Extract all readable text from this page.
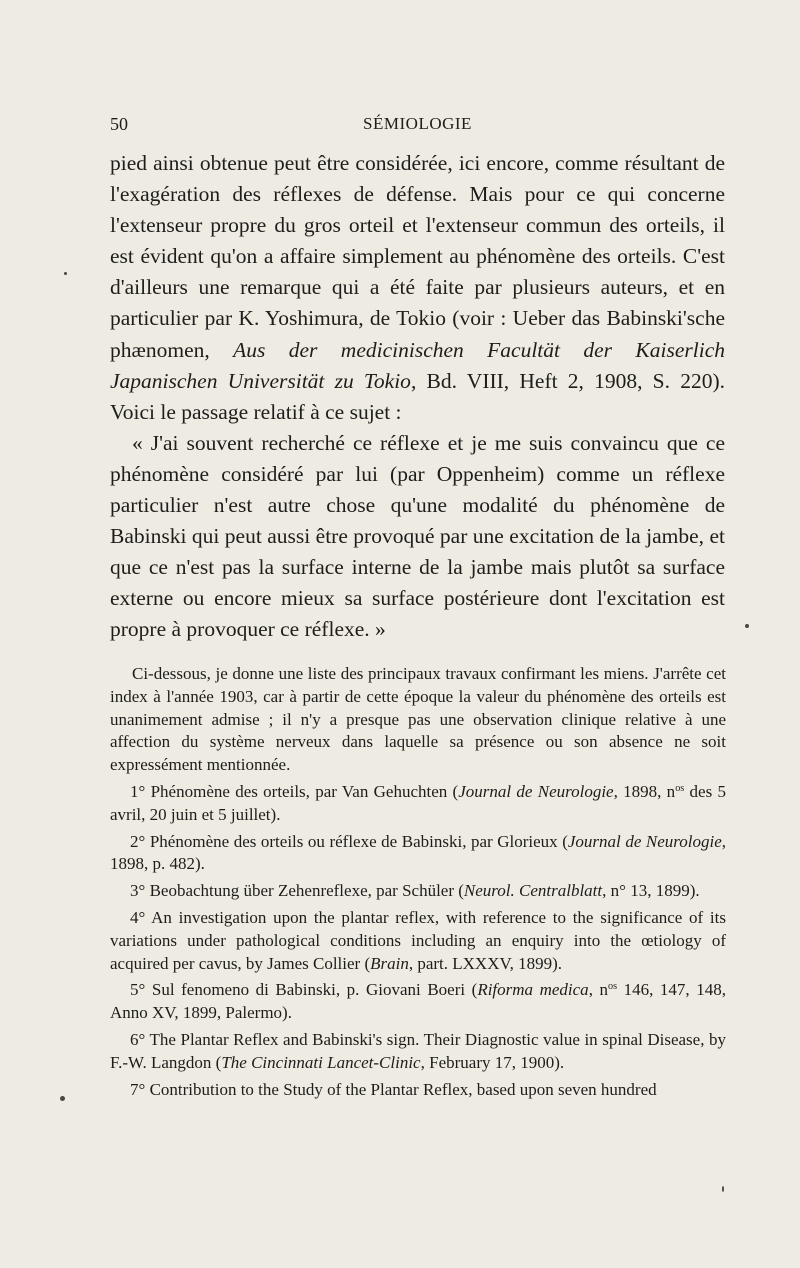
50	SÉMIOLOGIE

pied ainsi obtenue peut être considérée, ici encore, comme résultant de l'exagération des réflexes de défense. Mais pour ce qui concerne l'extenseur propre du gros orteil et l'extenseur commun des orteils, il est évident qu'on a affaire simplement au phénomène des orteils. C'est d'ailleurs une remarque qui a été faite par plusieurs auteurs, et en particulier par K. Yoshimura, de Tokio (voir : Ueber das Babinski'sche phænomen, Aus der medicinischen Facultät der Kaiserlich Japanischen Universität zu Tokio, Bd. VIII, Heft 2, 1908, S. 220). Voici le passage relatif à ce sujet :

« J'ai souvent recherché ce réflexe et je me suis convaincu que ce phénomène considéré par lui (par Oppenheim) comme un réflexe particulier n'est autre chose qu'une modalité du phénomène de Babinski qui peut aussi être provoqué par une excitation de la jambe, et que ce n'est pas la surface interne de la jambe mais plutôt sa surface externe ou encore mieux sa surface postérieure dont l'excitation est propre à provoquer ce réflexe. »

Ci-dessous, je donne une liste des principaux travaux confirmant les miens. J'arrête cet index à l'année 1903, car à partir de cette époque la valeur du phénomène des orteils est unanimement admise ; il n'y a presque pas une observation clinique relative à une affection du système nerveux dans laquelle sa présence ou son absence ne soit expressément mentionnée.

1° Phénomène des orteils, par Van Gehuchten (Journal de Neurologie, 1898, $n^{os}$ des 5 avril, 20 juin et 5 juillet).

2° Phénomène des orteils ou réflexe de Babinski, par Glorieux (Journal de Neurologie, 1898, p. 482).

3° Beobachtung über Zehenreflexe, par Schüler (Neurol. Centralblatt, n° 13, 1899).

4° An investigation upon the plantar reflex, with reference to the significance of its variations under pathological conditions including an enquiry into the œtiology of acquired per cavus, by James Collier (Brain, part. LXXXV, 1899).

5° Sul fenomeno di Babinski, p. Giovani Boeri (Riforma medica, $n^{os}$ 146, 147, 148, Anno XV, 1899, Palermo).

6° The Plantar Reflex and Babinski's sign. Their Diagnostic value in spinal Disease, by F.-W. Langdon (The Cincinnati Lancet-Clinic, February 17, 1900).

7° Contribution to the Study of the Plantar Reflex, based upon seven hundred
